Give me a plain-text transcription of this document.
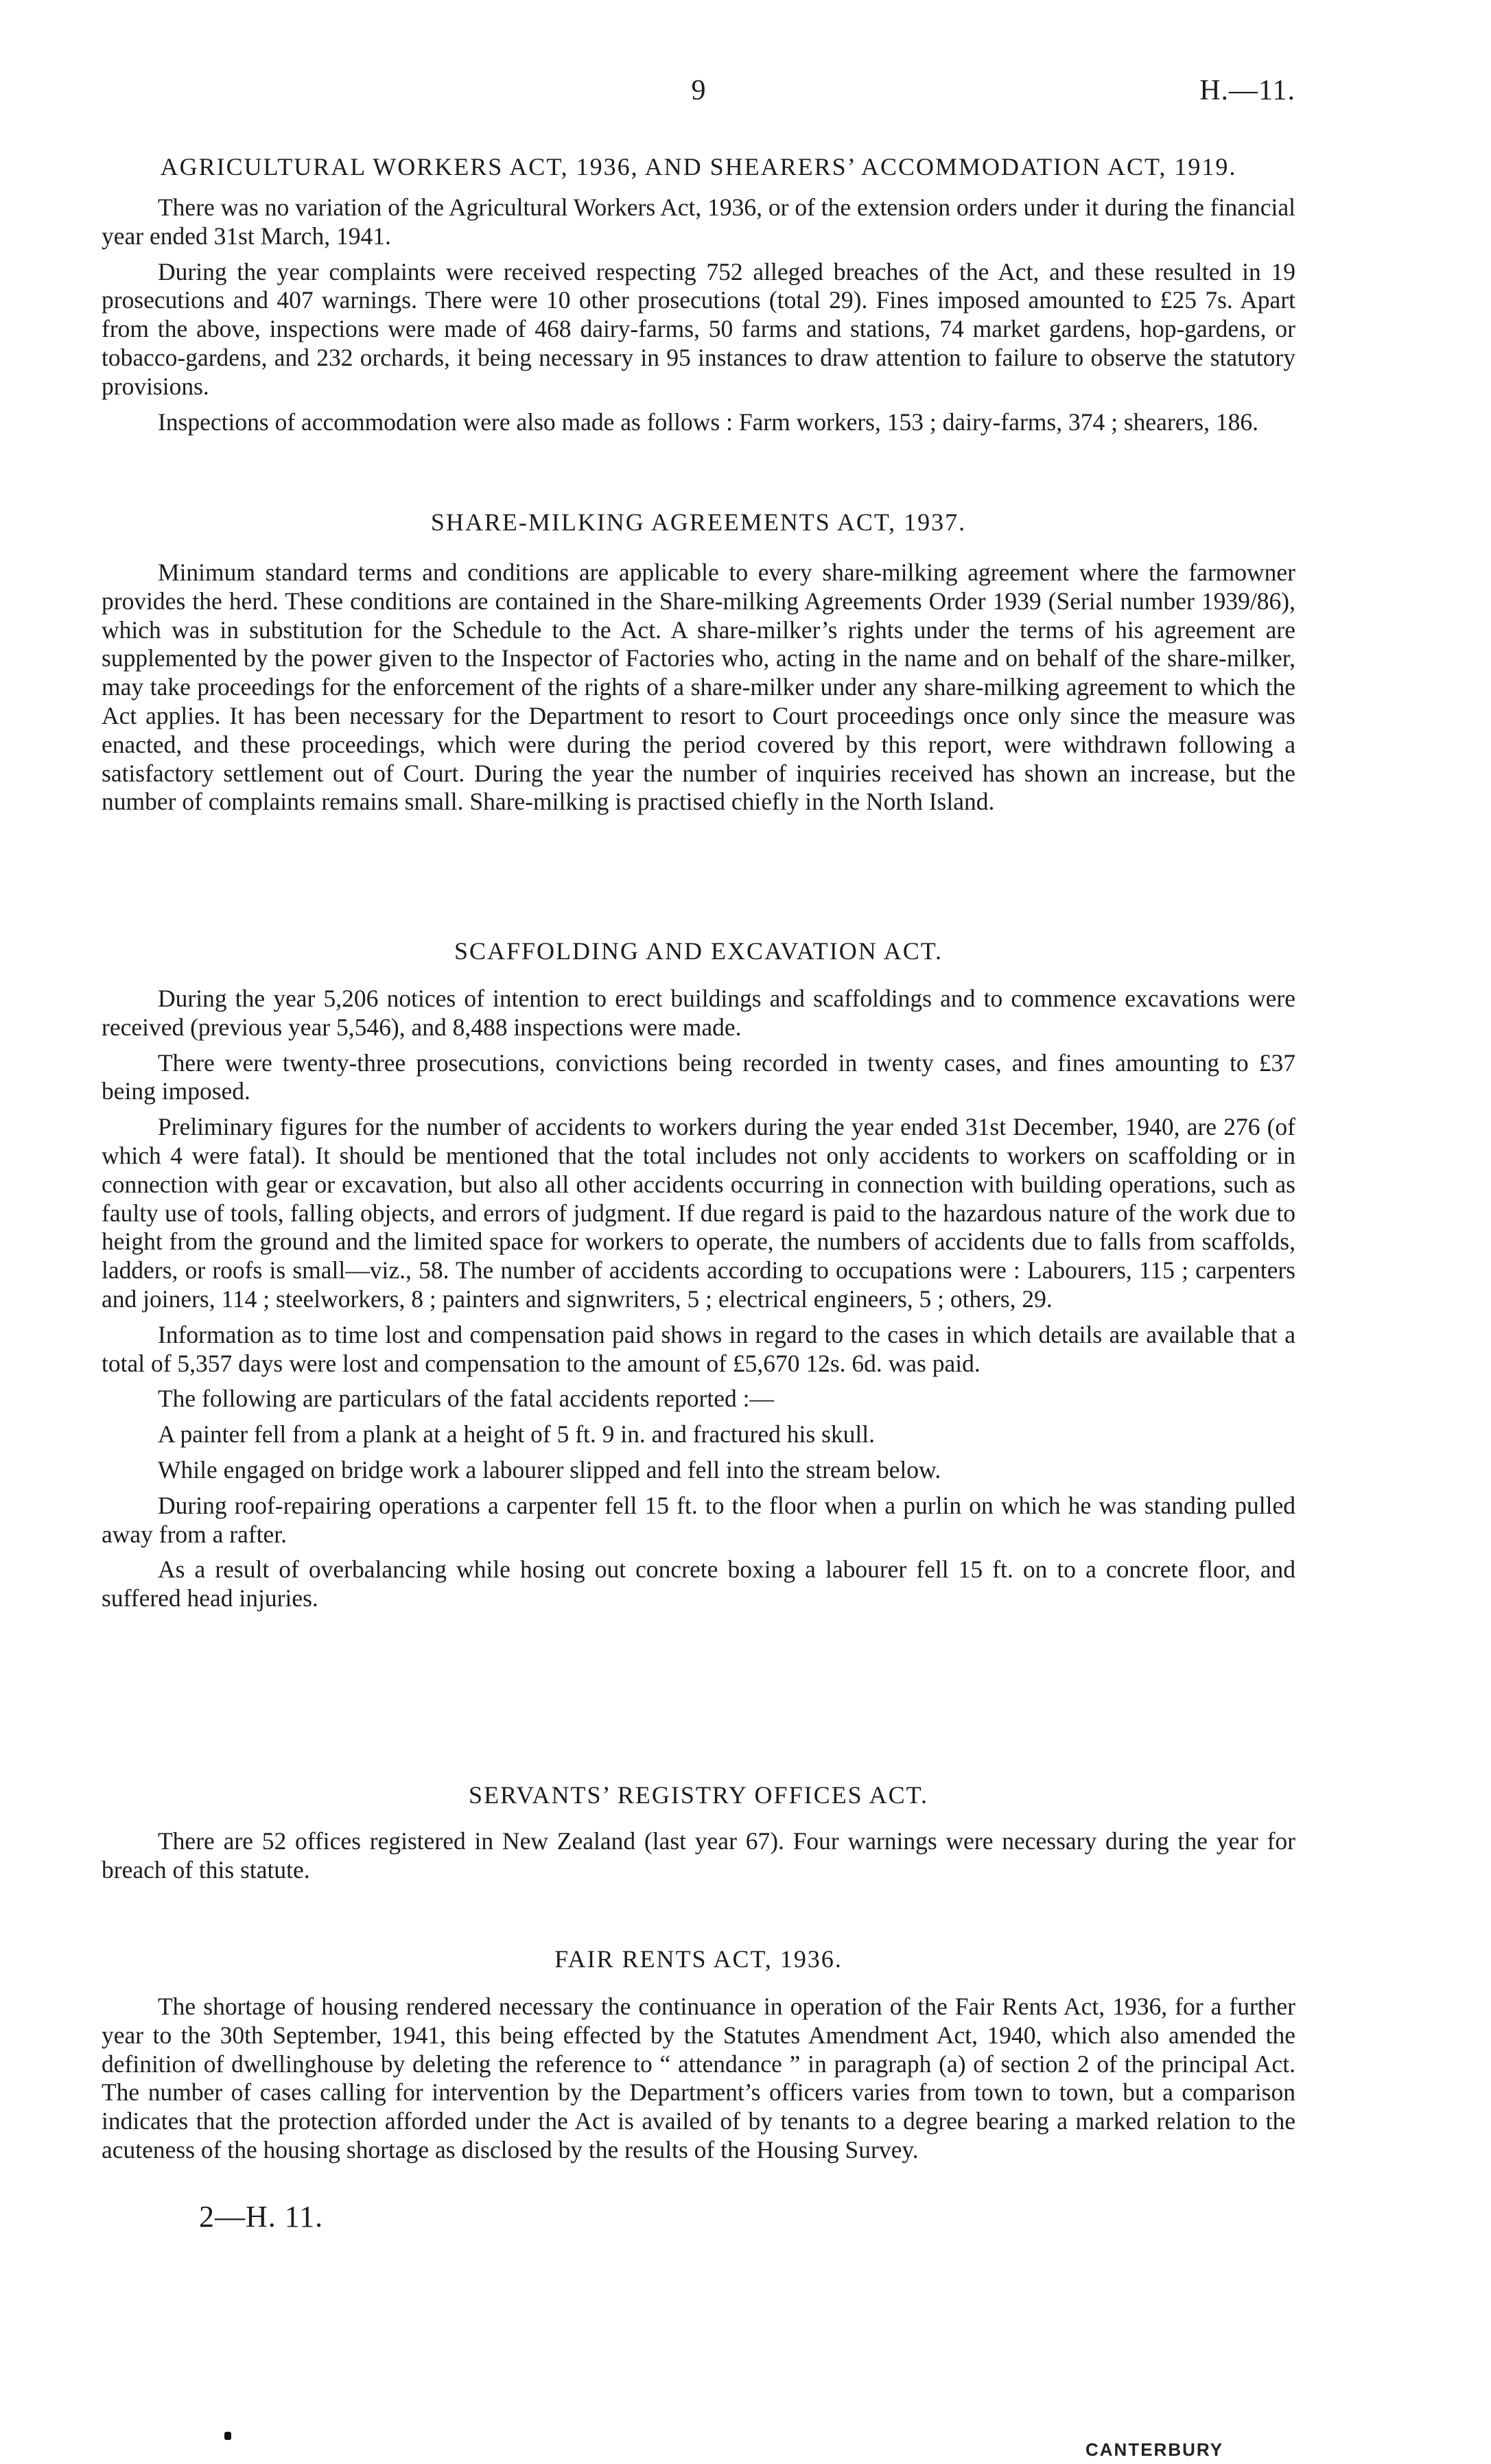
9	H.—11.
AGRICULTURAL WORKERS ACT, 1936, AND SHEARERS’ ACCOMMODATION ACT, 1919.

There was no variation of the Agricultural Workers Act, 1936, or of the extension orders under it during the financial year ended 31st March, 1941.

During the year complaints were received respecting 752 alleged breaches of the Act, and these resulted in 19 prosecutions and 407 warnings. There were 10 other prosecutions (total 29). Fines imposed amounted to £25 7s. Apart from the above, inspections were made of 468 dairy-farms, 50 farms and stations, 74 market gardens, hop-gardens, or tobacco-gardens, and 232 orchards, it being necessary in 95 instances to draw attention to failure to observe the statutory provisions.

Inspections of accommodation were also made as follows : Farm workers, 153 ; dairy-farms, 374 ; shearers, 186.

SHARE-MILKING AGREEMENTS ACT, 1937.

Minimum standard terms and conditions are applicable to every share-milking agreement where the farmowner provides the herd. These conditions are contained in the Share-milking Agreements Order 1939 (Serial number 1939/86), which was in substitution for the Schedule to the Act. A share-milker’s rights under the terms of his agreement are supplemented by the power given to the Inspector of Factories who, acting in the name and on behalf of the share-milker, may take proceedings for the enforcement of the rights of a share-milker under any share-milking agreement to which the Act applies. It has been necessary for the Department to resort to Court proceedings once only since the measure was enacted, and these proceedings, which were during the period covered by this report, were withdrawn following a satisfactory settlement out of Court. During the year the number of inquiries received has shown an increase, but the number of complaints remains small. Share-milking is practised chiefly in the North Island.

SCAFFOLDING AND EXCAVATION ACT.

During the year 5,206 notices of intention to erect buildings and scaffoldings and to commence excavations were received (previous year 5,546), and 8,488 inspections were made.

There were twenty-three prosecutions, convictions being recorded in twenty cases, and fines amounting to £37 being imposed.

Preliminary figures for the number of accidents to workers during the year ended 31st December, 1940, are 276 (of which 4 were fatal). It should be mentioned that the total includes not only accidents to workers on scaffolding or in connection with gear or excavation, but also all other accidents occurring in connection with building operations, such as faulty use of tools, falling objects, and errors of judgment. If due regard is paid to the hazardous nature of the work due to height from the ground and the limited space for workers to operate, the numbers of accidents due to falls from scaffolds, ladders, or roofs is small—viz., 58. The number of accidents according to occupations were : Labourers, 115 ; carpenters and joiners, 114 ; steelworkers, 8 ; painters and signwriters, 5 ; electrical engineers, 5 ; others, 29.

Information as to time lost and compensation paid shows in regard to the cases in which details are available that a total of 5,357 days were lost and compensation to the amount of £5,670 12s. 6d. was paid.

The following are particulars of the fatal accidents reported :—

A painter fell from a plank at a height of 5 ft. 9 in. and fractured his skull.

While engaged on bridge work a labourer slipped and fell into the stream below.

During roof-repairing operations a carpenter fell 15 ft. to the floor when a purlin on which he was standing pulled away from a rafter.

As a result of overbalancing while hosing out concrete boxing a labourer fell 15 ft. on to a concrete floor, and suffered head injuries.

SERVANTS’ REGISTRY OFFICES ACT.

There are 52 offices registered in New Zealand (last year 67). Four warnings were necessary during the year for breach of this statute.

FAIR RENTS ACT, 1936.

The shortage of housing rendered necessary the continuance in operation of the Fair Rents Act, 1936, for a further year to the 30th September, 1941, this being effected by the Statutes Amendment Act, 1940, which also amended the definition of dwellinghouse by deleting the reference to “ attendance ” in paragraph (a) of section 2 of the principal Act. The number of cases calling for intervention by the Department’s officers varies from town to town, but a comparison indicates that the protection afforded under the Act is availed of by tenants to a degree bearing a marked relation to the acuteness of the housing shortage as disclosed by the results of the Housing Survey.

2—H. 11.
CANTERBURY
